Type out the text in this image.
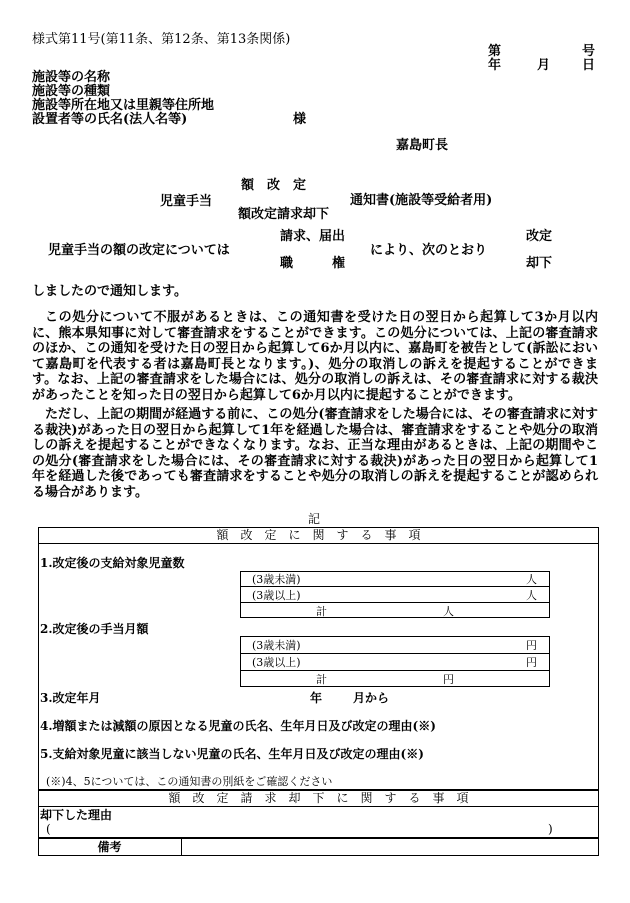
様式第11号(第11条、第12条、第13条関係)
第	号
年	月 日
施設等の名称
施設等の種類
施設等所在地又は里親等住所地
設置者等の氏名(法人名等)	様
嘉島町長
額　改　定
児童手当	通知書(施設等受給者用)
額改定請求却下
請求、届出	改定
児童手当の額の改定については	により、次のとおり
職　　　権	却下
しましたので通知します。
この処分について不服があるときは、この通知書を受けた日の翌日から起算して3か月以内に、熊本県知事に対して審査請求をすることができます。この処分については、上記の審査請求のほか、この通知を受けた日の翌日から起算して6か月以内に、嘉島町を被告として(訴訟において嘉島町を代表する者は嘉島町長となります。)、処分の取消しの訴えを提起することができます。なお、上記の審査請求をした場合には、処分の取消しの訴えは、その審査請求に対する裁決があったことを知った日の翌日から起算して6か月以内に提起することができます。
ただし、上記の期間が経過する前に、この処分(審査請求をした場合には、その審査請求に対する裁決)があった日の翌日から起算して1年を経過した場合は、審査請求をすることや処分の取消しの訴えを提起することができなくなります。なお、正当な理由があるときは、上記の期間やこの処分(審査請求をした場合には、その審査請求に対する裁決)があった日の翌日から起算して1年を経過した後であっても審査請求をすることや処分の取消しの訴えを提起することが認められる場合があります。
記
額　改　定　に　関　す　る　事　項
1.改定後の支給対象児童数
(3歳未満)	人
(3歳以上)	人
計	人
2.改定後の手当月額
(3歳未満)	円
(3歳以上)	円
計	円
3.改定年月	年	月から
4.増額または減額の原因となる児童の氏名、生年月日及び改定の理由(※)
5.支給対象児童に該当しない児童の氏名、生年月日及び改定の理由(※)
(※)4、5については、この通知書の別紙をご確認ください
額　改　定　請　求　却　下　に　関　す　る　事　項
却下した理由
(	)
備考
